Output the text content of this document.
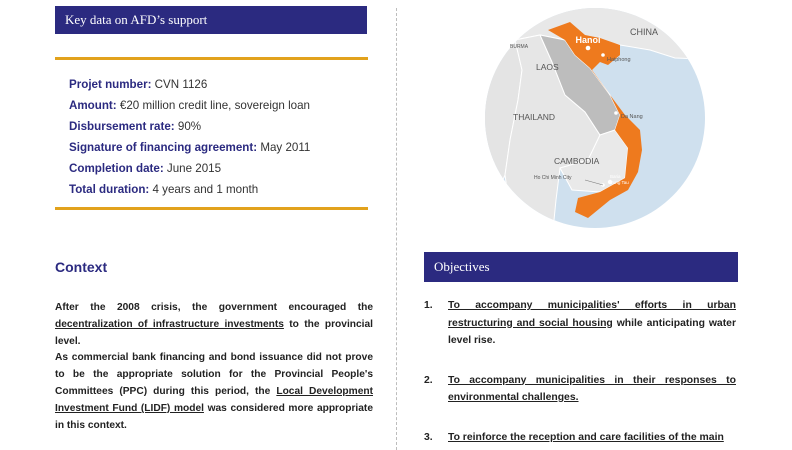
Key data on AFD’s support
Projet number: CVN 1126
Amount: €20 million credit line, sovereign loan
Disbursement rate: 90%
Signature of financing agreement: May 2011
Completion date: June 2015
Total duration: 4 years and 1 month
Context

After the 2008 crisis, the government encouraged the decentralization of infrastructure investments to the provincial level.

As commercial bank financing and bond issuance did not prove to be the appropriate solution for the Provincial People's Committees (PPC) during this period, the Local Development Investment Fund (LIDF) model was considered more appropriate in this context.

CHINA
Hanoi
Haiphong
BURMA
LAOS
THAILAND	Da Nang
CAMBODIA
Ho Chi Minh City	Baria
Vung Tau
Objectives
1. To accompany municipalities' efforts in urban restructuring and social housing while anticipating water level rise.
2. To accompany municipalities in their responses to environmental challenges.
3. To reinforce the reception and care facilities of the main
